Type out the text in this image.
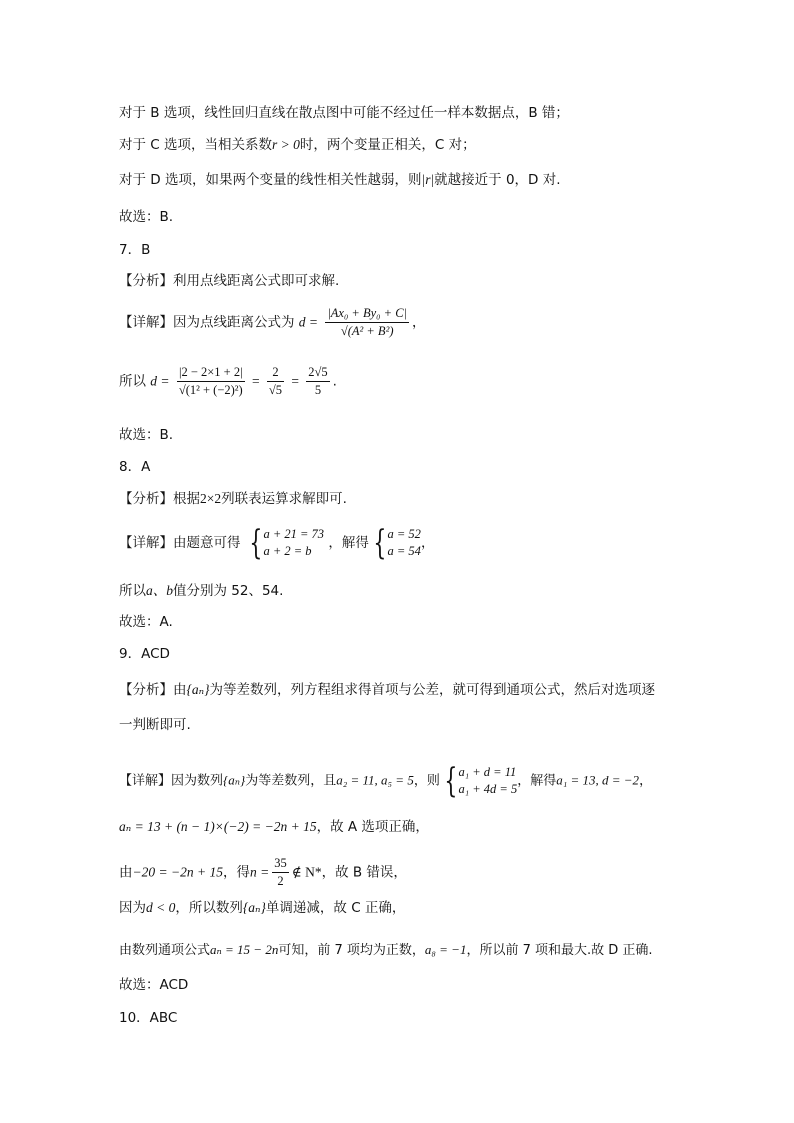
对于 B 选项，线性回归直线在散点图中可能不经过任一样本数据点，B 错；
对于 C 选项，当相关系数r > 0时，两个变量正相关，C 对；
对于 D 选项，如果两个变量的线性相关性越弱，则|r|就越接近于 0，D 对.
故选：B.
7．B
【分析】利用点线距离公式即可求解.
【详解】因为点线距离公式为 $d = \frac{\text{|Ax₀ + By₀ + C|}}{\text{√(A² + B²)}}$ ，
所以 $d = \frac{|2 - 2\times 1 + 2|}{\text{√(1² + (−2)²)}} = \frac{2}{√5} = \frac{2√5}{5}$ .
故选：B.
8．A
【分析】根据2×2列联表运算求解即可.
【详解】由题意可得 { a + 21 = 73
a + 2 = b	，解得 { a = 52
a = 54 ，
所以a、b值分别为 52、54.
故选：A.
9．ACD
【分析】由{aₙ}为等差数列，列方程组求得首项与公差，就可得到通项公式，然后对选项逐
一判断即可.
【详解】因为数列{aₙ}为等差数列，且a₂ = 11, a₅ = 5，则 { a₁ + d = 11
a₁ + 4d = 5
，解得a₁ = 13, d = −2，
aₙ = 13 + (n − 1)×(−2) = −2n + 15，故 A 选项正确，
由−20 = −2n + 15，得$n = \frac{35}{2}$ ∉ N*，故 B 错误，
因为d < 0，所以数列{aₙ}单调递减，故 C 正确，
由数列通项公式aₙ = 15 − 2n可知，前 7 项均为正数，a₈ = −1，所以前 7 项和最大.故 D 正确.
故选：ACD
10．ABC
